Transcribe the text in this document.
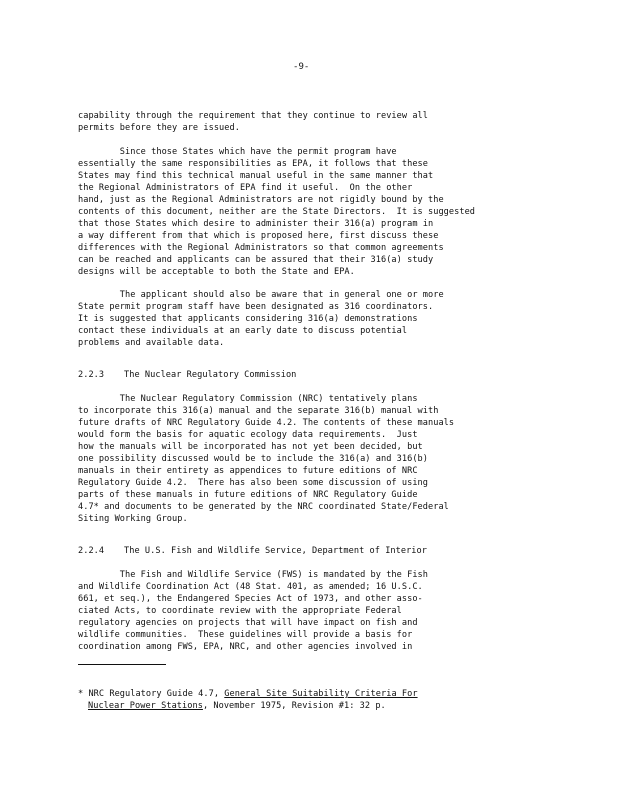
-9-
capability through the requirement that they continue to review all
permits before they are issued.
Since those States which have the permit program have
essentially the same responsibilities as EPA, it follows that these
States may find this technical manual useful in the same manner that
the Regional Administrators of EPA find it useful.  On the other
hand, just as the Regional Administrators are not rigidly bound by the
contents of this document, neither are the State Directors.  It is suggested
that those States which desire to administer their 316(a) program in
a way different from that which is proposed here, first discuss these
differences with the Regional Administrators so that common agreements
can be reached and applicants can be assured that their 316(a) study
designs will be acceptable to both the State and EPA.
The applicant should also be aware that in general one or more
State permit program staff have been designated as 316 coordinators.
It is suggested that applicants considering 316(a) demonstrations
contact these individuals at an early date to discuss potential
problems and available data.
2.2.3 The Nuclear Regulatory Commission
The Nuclear Regulatory Commission (NRC) tentatively plans
to incorporate this 316(a) manual and the separate 316(b) manual with
future drafts of NRC Regulatory Guide 4.2. The contents of these manuals
would form the basis for aquatic ecology data requirements.  Just
how the manuals will be incorporated has not yet been decided, but
one possibility discussed would be to include the 316(a) and 316(b)
manuals in their entirety as appendices to future editions of NRC
Regulatory Guide 4.2.  There has also been some discussion of using
parts of these manuals in future editions of NRC Regulatory Guide
4.7* and documents to be generated by the NRC coordinated State/Federal
Siting Working Group.
2.2.4 The U.S. Fish and Wildlife Service, Department of Interior
The Fish and Wildlife Service (FWS) is mandated by the Fish
and Wildlife Coordination Act (48 Stat. 401, as amended; 16 U.S.C.
661, et seq.), the Endangered Species Act of 1973, and other asso-
ciated Acts, to coordinate review with the appropriate Federal
regulatory agencies on projects that will have impact on fish and
wildlife communities.  These guidelines will provide a basis for
coordination among FWS, EPA, NRC, and other agencies involved in
* NRC Regulatory Guide 4.7, General Site Suitability Criteria For
Nuclear Power Stations, November 1975, Revision #1: 32 p.
